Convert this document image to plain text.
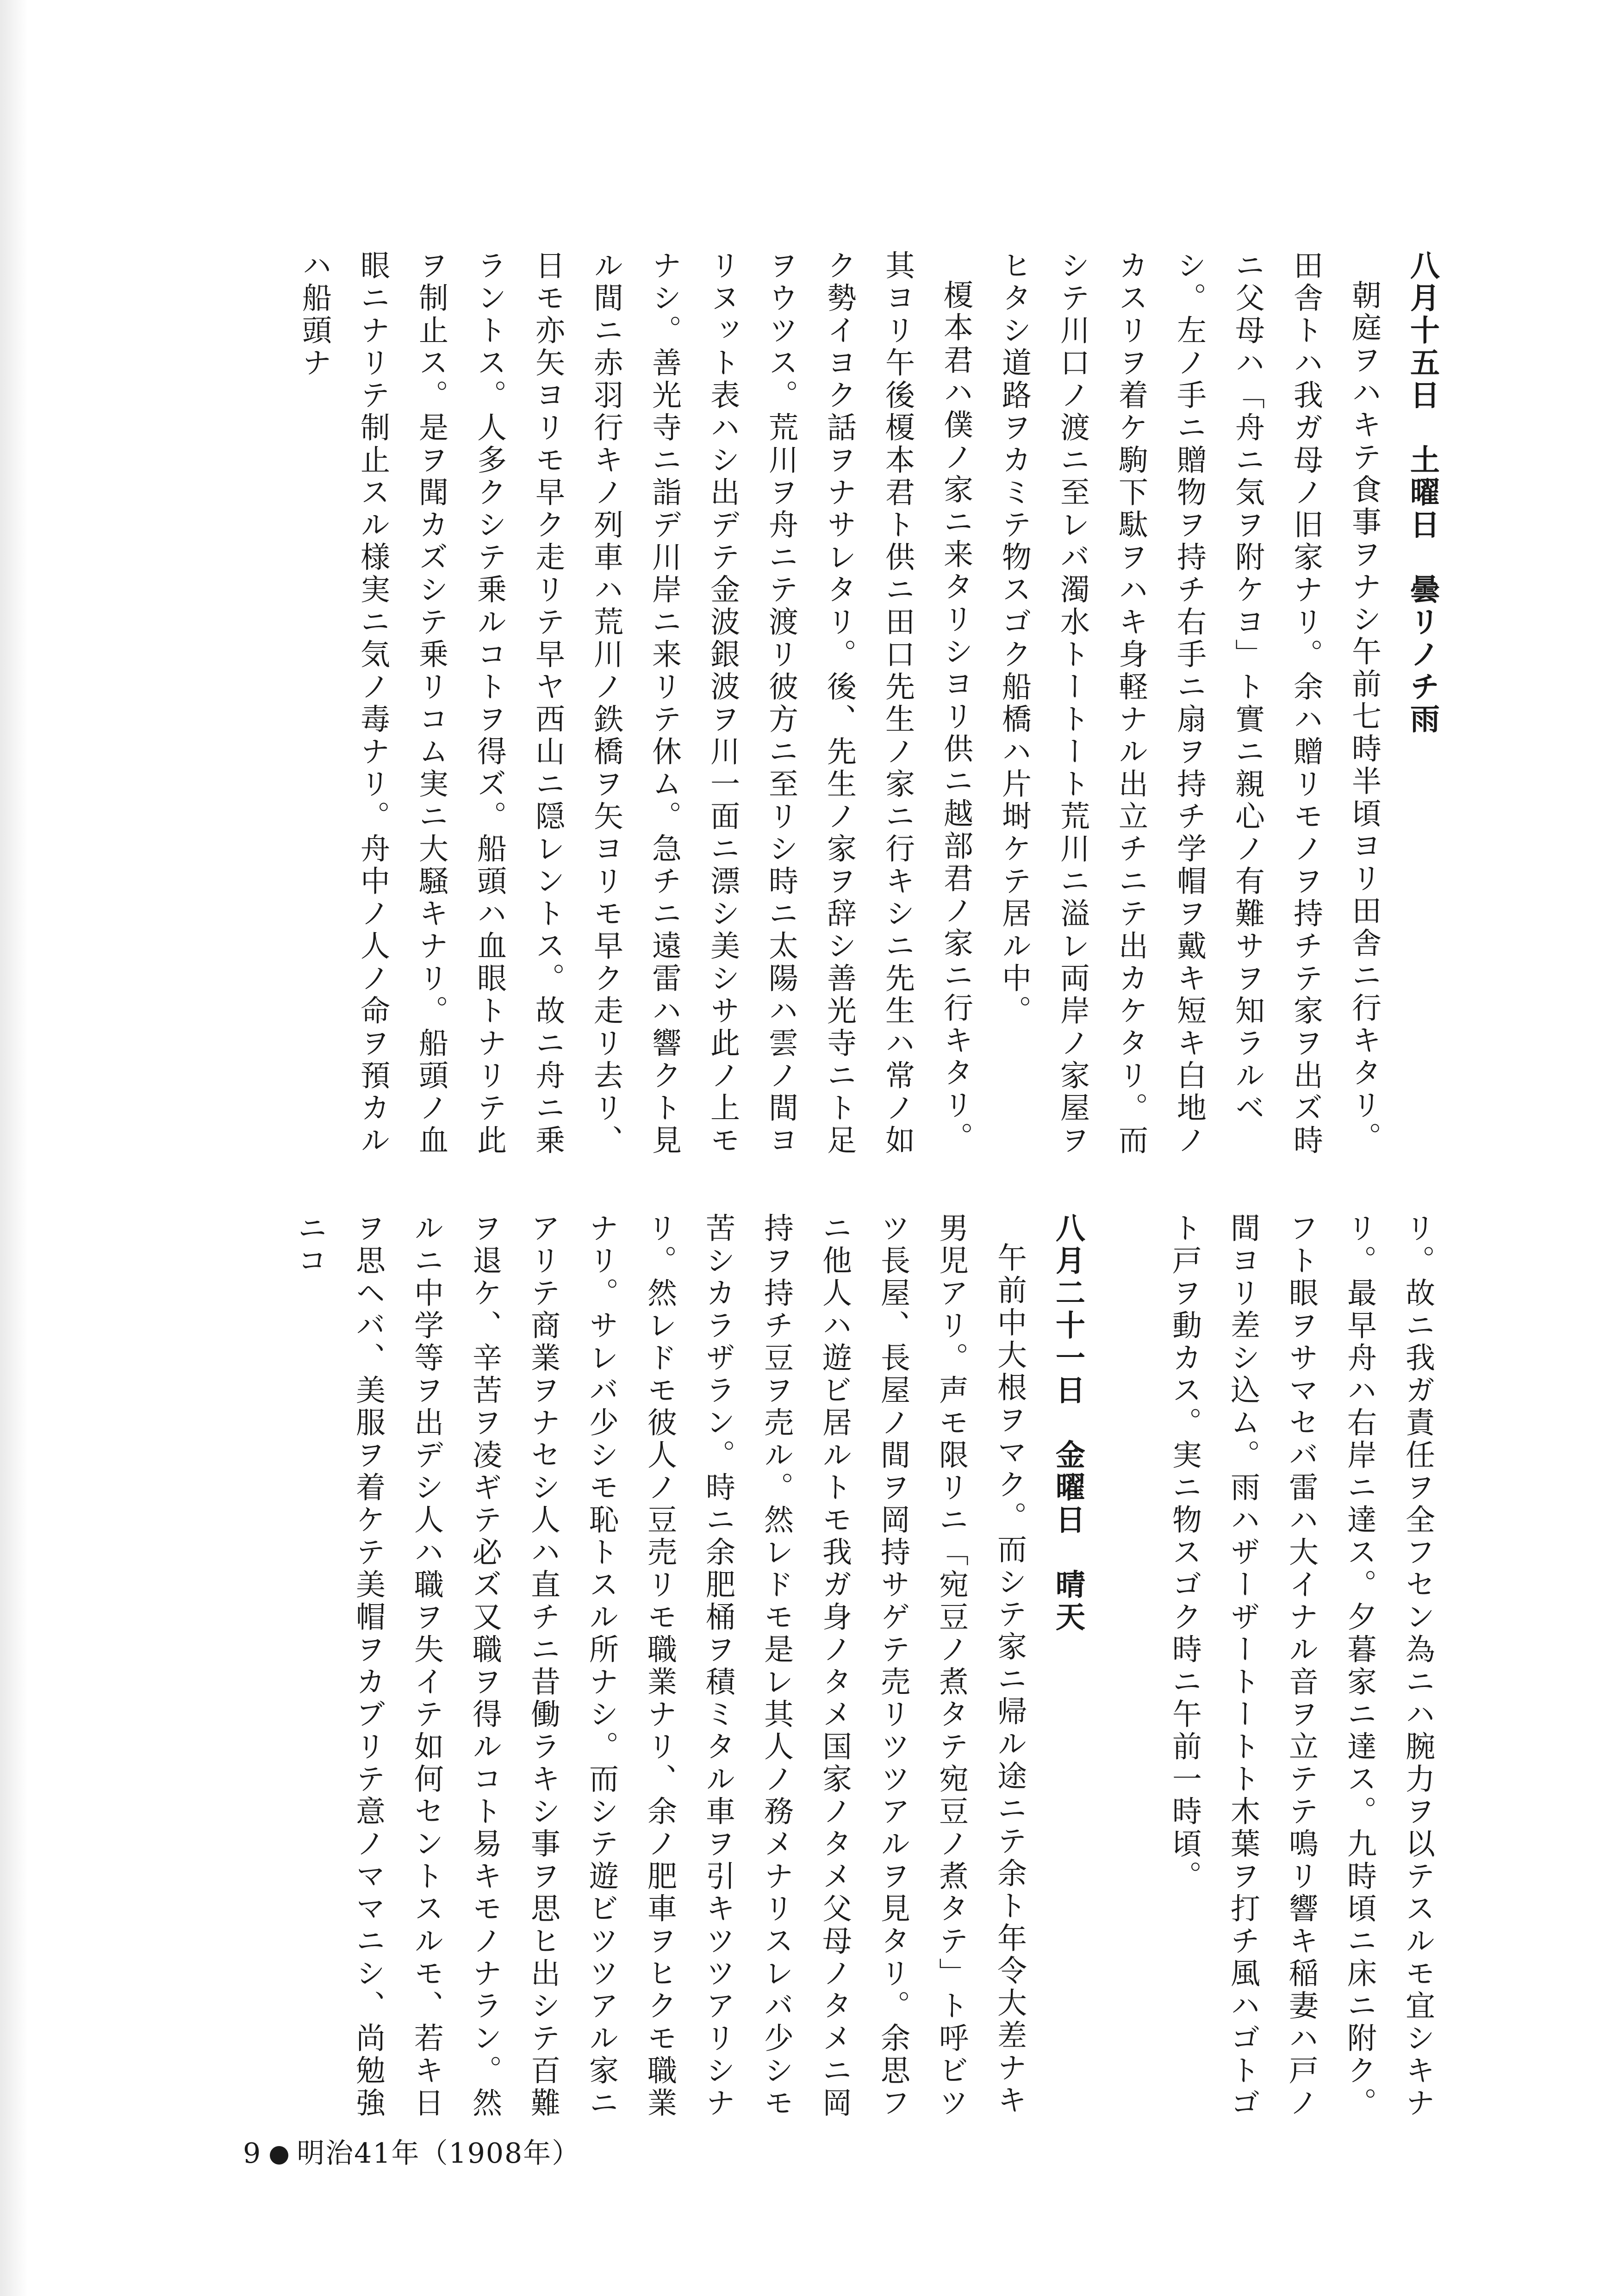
八月十五日　土曜日　曇リノチ雨

朝庭ヲハキテ食事ヲナシ午前七時半頃ヨリ田舎ニ行キタリ。田舎トハ我ガ母ノ旧家ナリ。余ハ贈リモノヲ持チテ家ヲ出ズ時ニ父母ハ「舟ニ気ヲ附ケヨ」ト實ニ親心ノ有難サヲ知ラルベシ。左ノ手ニ贈物ヲ持チ右手ニ扇ヲ持チ学帽ヲ戴キ短キ白地ノカスリヲ着ケ駒下駄ヲハキ身軽ナル出立チニテ出カケタリ。而シテ川口ノ渡ニ至レバ濁水トートート荒川ニ溢レ両岸ノ家屋ヲヒタシ道路ヲカミテ物スゴク船橋ハ片埘ケテ居ル中。

榎本君ハ僕ノ家ニ来タリシヨリ供ニ越部君ノ家ニ行キタリ。其ヨリ午後榎本君ト供ニ田口先生ノ家ニ行キシニ先生ハ常ノ如ク勢イヨク話ヲナサレタリ。後、先生ノ家ヲ辞シ善光寺ニト足ヲウツス。荒川ヲ舟ニテ渡リ彼方ニ至リシ時ニ太陽ハ雲ノ間ヨリヌット表ハシ出デテ金波銀波ヲ川一面ニ漂シ美シサ此ノ上モナシ。善光寺ニ詣デ川岸ニ来リテ休ム。急チニ遠雷ハ響クト見ル間ニ赤羽行キノ列車ハ荒川ノ鉄橋ヲ矢ヨリモ早ク走リ去リ、日モ亦矢ヨリモ早ク走リテ早ヤ西山ニ隠レントス。故ニ舟ニ乗ラントス。人多クシテ乗ルコトヲ得ズ。船頭ハ血眼トナリテ此ヲ制止ス。是ヲ聞カズシテ乗リコム実ニ大騒キナリ。船頭ノ血眼ニナリテ制止スル様実ニ気ノ毒ナリ。舟中ノ人ノ命ヲ預カルハ船頭ナ

リ。故ニ我ガ責任ヲ全フセン為ニハ腕力ヲ以テスルモ宜シキナリ。最早舟ハ右岸ニ達ス。夕暮家ニ達ス。九時頃ニ床ニ附ク。フト眼ヲサマセバ雷ハ大イナル音ヲ立テテ鳴リ響キ稲妻ハ戸ノ間ヨリ差シ込ム。雨ハザーザートートト木葉ヲ打チ風ハゴトゴト戸ヲ動カス。実ニ物スゴク時ニ午前一時頃。

八月二十一日　金曜日　晴天

午前中大根ヲマク。而シテ家ニ帰ル途ニテ余ト年令大差ナキ男児アリ。声モ限リニ「宛豆ノ煮タテ宛豆ノ煮タテ」ト呼ビツツ長屋、長屋ノ間ヲ岡持サゲテ売リツツアルヲ見タリ。余思フニ他人ハ遊ビ居ルトモ我ガ身ノタメ国家ノタメ父母ノタメニ岡持ヲ持チ豆ヲ売ル。然レドモ是レ其人ノ務メナリスレバ少シモ苦シカラザラン。時ニ余肥桶ヲ積ミタル車ヲ引キツツアリシナリ。然レドモ彼人ノ豆売リモ職業ナリ、余ノ肥車ヲヒクモ職業ナリ。サレバ少シモ恥トスル所ナシ。而シテ遊ビツツアル家ニアリテ商業ヲナセシ人ハ直チニ昔働ラキシ事ヲ思ヒ出シテ百難ヲ退ケ、辛苦ヲ凌ギテ必ズ又職ヲ得ルコト易キモノナラン。然ルニ中学等ヲ出デシ人ハ職ヲ失イテ如何セントスルモ、若キ日ヲ思ヘバ、美服ヲ着ケテ美帽ヲカブリテ意ノママニシ、尚勉強ニコ

9 明治41年（1908年）
